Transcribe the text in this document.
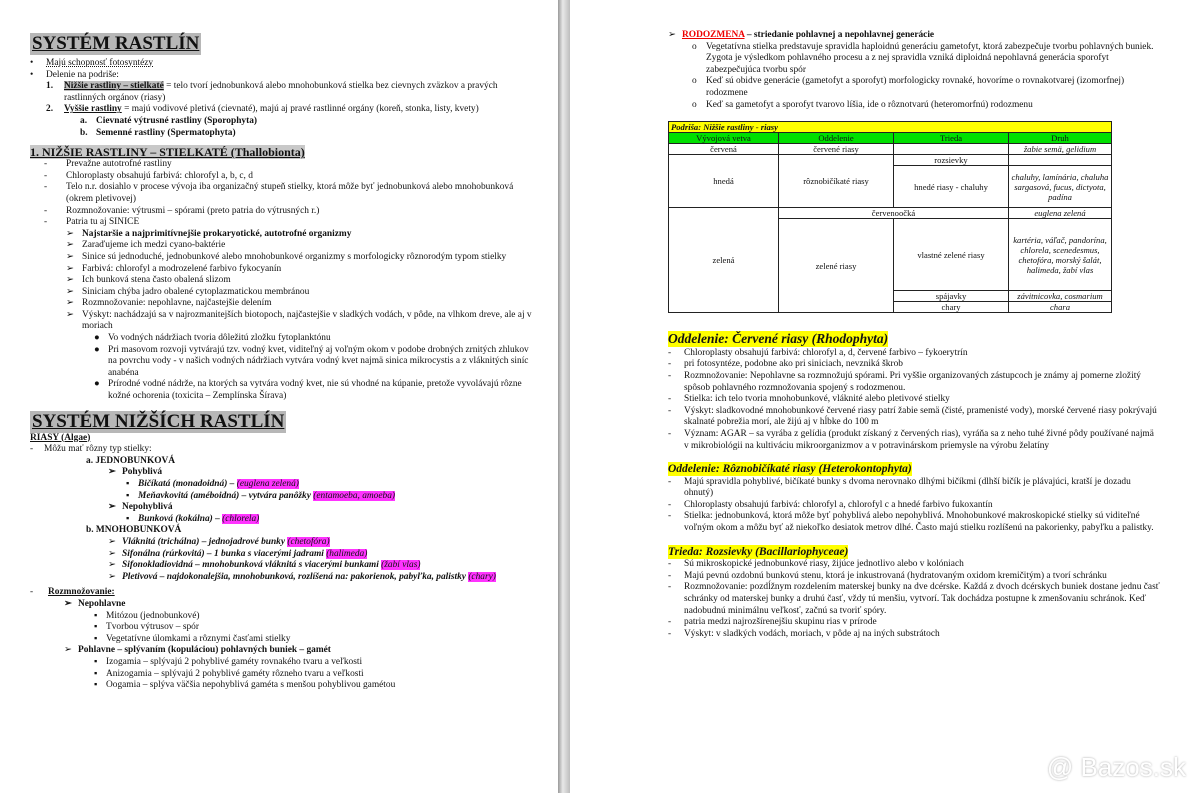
SYSTÉM RASTLÍN
•	Majú schopnosť fotosyntézy
•	Delenie na podriše:
1.	Nižšie rastliny – stielkaté = telo tvorí jednobunková alebo mnohobunková stielka bez cievnych zväzkov a pravých rastlinných orgánov (riasy)
2.	Vyššie rastliny = majú vodivové pletivá (cievnaté), majú aj pravé rastlinné orgány (koreň, stonka, listy, kvety)
a. Cievnaté výtrusné rastliny (Sporophyta)
b. Semenné rastliny (Spermatophyta)
1. NIŽŠIE RASTLINY – STIELKATÉ (Thallobionta)
-	Prevažne autotrofné rastliny
-	Chloroplasty obsahujú farbivá: chlorofyl a, b, c, d
-	Telo n.r. dosiahlo v procese vývoja iba organizačný stupeň stielky, ktorá môže byť jednobunková alebo mnohobunková (okrem pletivovej)
-	Rozmnožovanie: výtrusmi – spórami (preto patria do výtrusných r.)
-	Patria tu aj SINICE
➢ Najstaršie a najprimitívnejšie prokaryotické, autotrofné organizmy
➢ Zaraďujeme ich medzi cyano-baktérie
➢ Sinice sú jednoduché, jednobunkové alebo mnohobunkové organizmy s morfologicky rôznorodým typom stielky
➢ Farbivá: chlorofyl a modrozelené farbivo fykocyanín
➢ Ich bunková stena často obalená slizom
➢ Siniciam chýba jadro obalené cytoplazmatickou membránou
➢ Rozmnožovanie: nepohlavne, najčastejšie delením
➢ Výskyt: nachádzajú sa v najrozmanitejších biotopoch, najčastejšie v sladkých vodách, v pôde, na vlhkom dreve, ale aj v moriach
● Vo vodných nádržiach tvoria dôležitú zložku fytoplanktónu
● Pri masovom rozvoji vytvárajú tzv. vodný kvet, viditeľný aj voľným okom v podobe drobných zrnitých zhlukov na povrchu vody - v našich vodných nádržiach vytvára vodný kvet najmä sinica mikrocystis a z vláknitých siníc anabéna
● Prírodné vodné nádrže, na ktorých sa vytvára vodný kvet, nie sú vhodné na kúpanie, pretože vyvolávajú rôzne kožné ochorenia (toxicita – Zemplínska Šírava)
SYSTÉM NIŽŠÍCH RASTLÍN
RIASY (Algae)
-	Môžu mať rôzny typ stielky:
a. JEDNOBUNKOVÁ
➢ Pohyblivá
▪ Bičíkatá (monadoidná) – (euglena zelená)
▪ Meňavkovitá (améboidná) – vytvára panôžky (entamoeba, amoeba)
➢ Nepohyblivá
▪ Bunková (kokálna) – (chlorela)
b. MNOHOBUNKOVÁ
➢ Vláknitá (trichálna) – jednojadrové bunky (chetofóra)
➢ Sifonálna (rúrkovitá) – 1 bunka s viacerými jadrami (halimeda)
➢ Sifonokladiovidná – mnohobunková vláknitá s viacerými bunkami (žabí vlas)
➢ Pletivová – najdokonalejšia, mnohobunková, rozlíšená na: pakorienok, pabyľka, palistky (chary)
-	Rozmnožovanie:
➢ Nepohlavne
▪ Mitózou (jednobunkové)
▪ Tvorbou výtrusov – spór
▪ Vegetatívne úlomkami a rôznymi časťami stielky
➢ Pohlavne – splývaním (kopuláciou) pohlavných buniek – gamét
▪ Izogamia – splývajú 2 pohyblivé gaméty rovnakého tvaru a veľkosti
▪ Anizogamia – splývajú 2 pohyblivé gaméty rôzneho tvaru a veľkosti
▪ Oogamia – splýva väčšia nepohyblivá gaméta s menšou pohyblivou gamétou
➢ RODOZMENA – striedanie pohlavnej a nepohlavnej generácie
o Vegetatívna stielka predstavuje spravidla haploidnú generáciu gametofyt, ktorá zabezpečuje tvorbu pohlavných buniek. Zygota je výsledkom pohlavného procesu a z nej spravidla vzniká diploidná nepohlavná generácia sporofyt zabezpečujúca tvorbu spór
o Keď sú obidve generácie (gametofyt a sporofyt) morfologicky rovnaké, hovoríme o rovnakotvarej (izomorfnej) rodozmene
o Keď sa gametofyt a sporofyt tvarovo líšia, ide o rôznotvarú (heteromorfnú) rodozmenu
Podriša: Nižšie rastliny - riasy			
Vývojová vetva	Oddelenie	Trieda	Druh
červená	červené riasy		žabie semä, gelidium
hnedá	rôznobičíkaté riasy	rozsievky	
		hnedé riasy - chaluhy	chaluhy, lamínária, chaluha sargasová, fucus, dictyota, padína
zelená	červenoočká		euglena zelená
	zelené riasy	vlastné zelené riasy	kartéria, váľač, pandorína, chlorela, scenedesmus, chetofóra, morský šalát, halimeda, žabí vlas
		spájavky	závitnicovka, cosmarium
		chary	chara
Oddelenie: Červené riasy (Rhodophyta)
-	Chloroplasty obsahujú farbivá: chlorofyl a, d, červené farbivo – fykoerytrín
-	pri fotosyntéze, podobne ako pri siniciach, nevzniká škrob
-	Rozmnožovanie: Nepohlavne sa rozmnožujú spórami. Pri vyššie organizovaných zástupcoch je známy aj pomerne zložitý spôsob pohlavného rozmnožovania spojený s rodozmenou.
-	Stielka: ich telo tvoria mnohobunkové, vláknité alebo pletivové stielky
-	Výskyt: sladkovodné mnohobunkové červené riasy patrí žabie semä (čisté, pramenisté vody), morské červené riasy pokrývajú skalnaté pobrežia morí, ale žijú aj v hĺbke do 100 m
-	Význam: AGAR – sa vyrába z gelídia (produkt získaný z červených rias), vyráňa sa z neho tuhé živné pôdy používané najmä v mikrobiológii na kultiváciu mikroorganizmov a v potravinárskom priemysle na výrobu želatíny
Oddelenie: Rôznobičíkaté riasy (Heterokontophyta)
-	Majú spravidla pohyblivé, bičíkaté bunky s dvoma nerovnako dlhými bičíkmi (dlhší bičík je plávajúci, kratší je dozadu ohnutý)
-	Chloroplasty obsahujú farbivá: chlorofyl a, chlorofyl c a hnedé farbivo fukoxantín
-	Stielka: jednobunková, ktorá môže byť pohyblivá alebo nepohyblivá. Mnohobunkové makroskopické stielky sú viditeľné voľným okom a môžu byť až niekoľko desiatok metrov dlhé. Často majú stielku rozlíšenú na pakorienky, pabyľku a palistky.
Trieda: Rozsievky (Bacillariophyceae)
-	Sú mikroskopické jednobunkové riasy, žijúce jednotlivo alebo v kolóniach
-	Majú pevnú ozdobnú bunkovú stenu, ktorá je inkustrovaná (hydratovaným oxidom kremičitým) a tvorí schránku
-	Rozmnožovanie: pozdĺžnym rozdelením materskej bunky na dve dcérske. Každá z dvoch dcérskych buniek dostane jednu časť schránky od materskej bunky a druhú časť, vždy tú menšiu, vytvorí. Tak dochádza postupne k zmenšovaniu schránok. Keď nadobudnú minimálnu veľkosť, začnú sa tvoriť spóry.
-	patria medzi najrozšírenejšiu skupinu rias v prírode
-	Výskyt: v sladkých vodách, moriach, v pôde aj na iných substrátoch
@ Bazos.sk
